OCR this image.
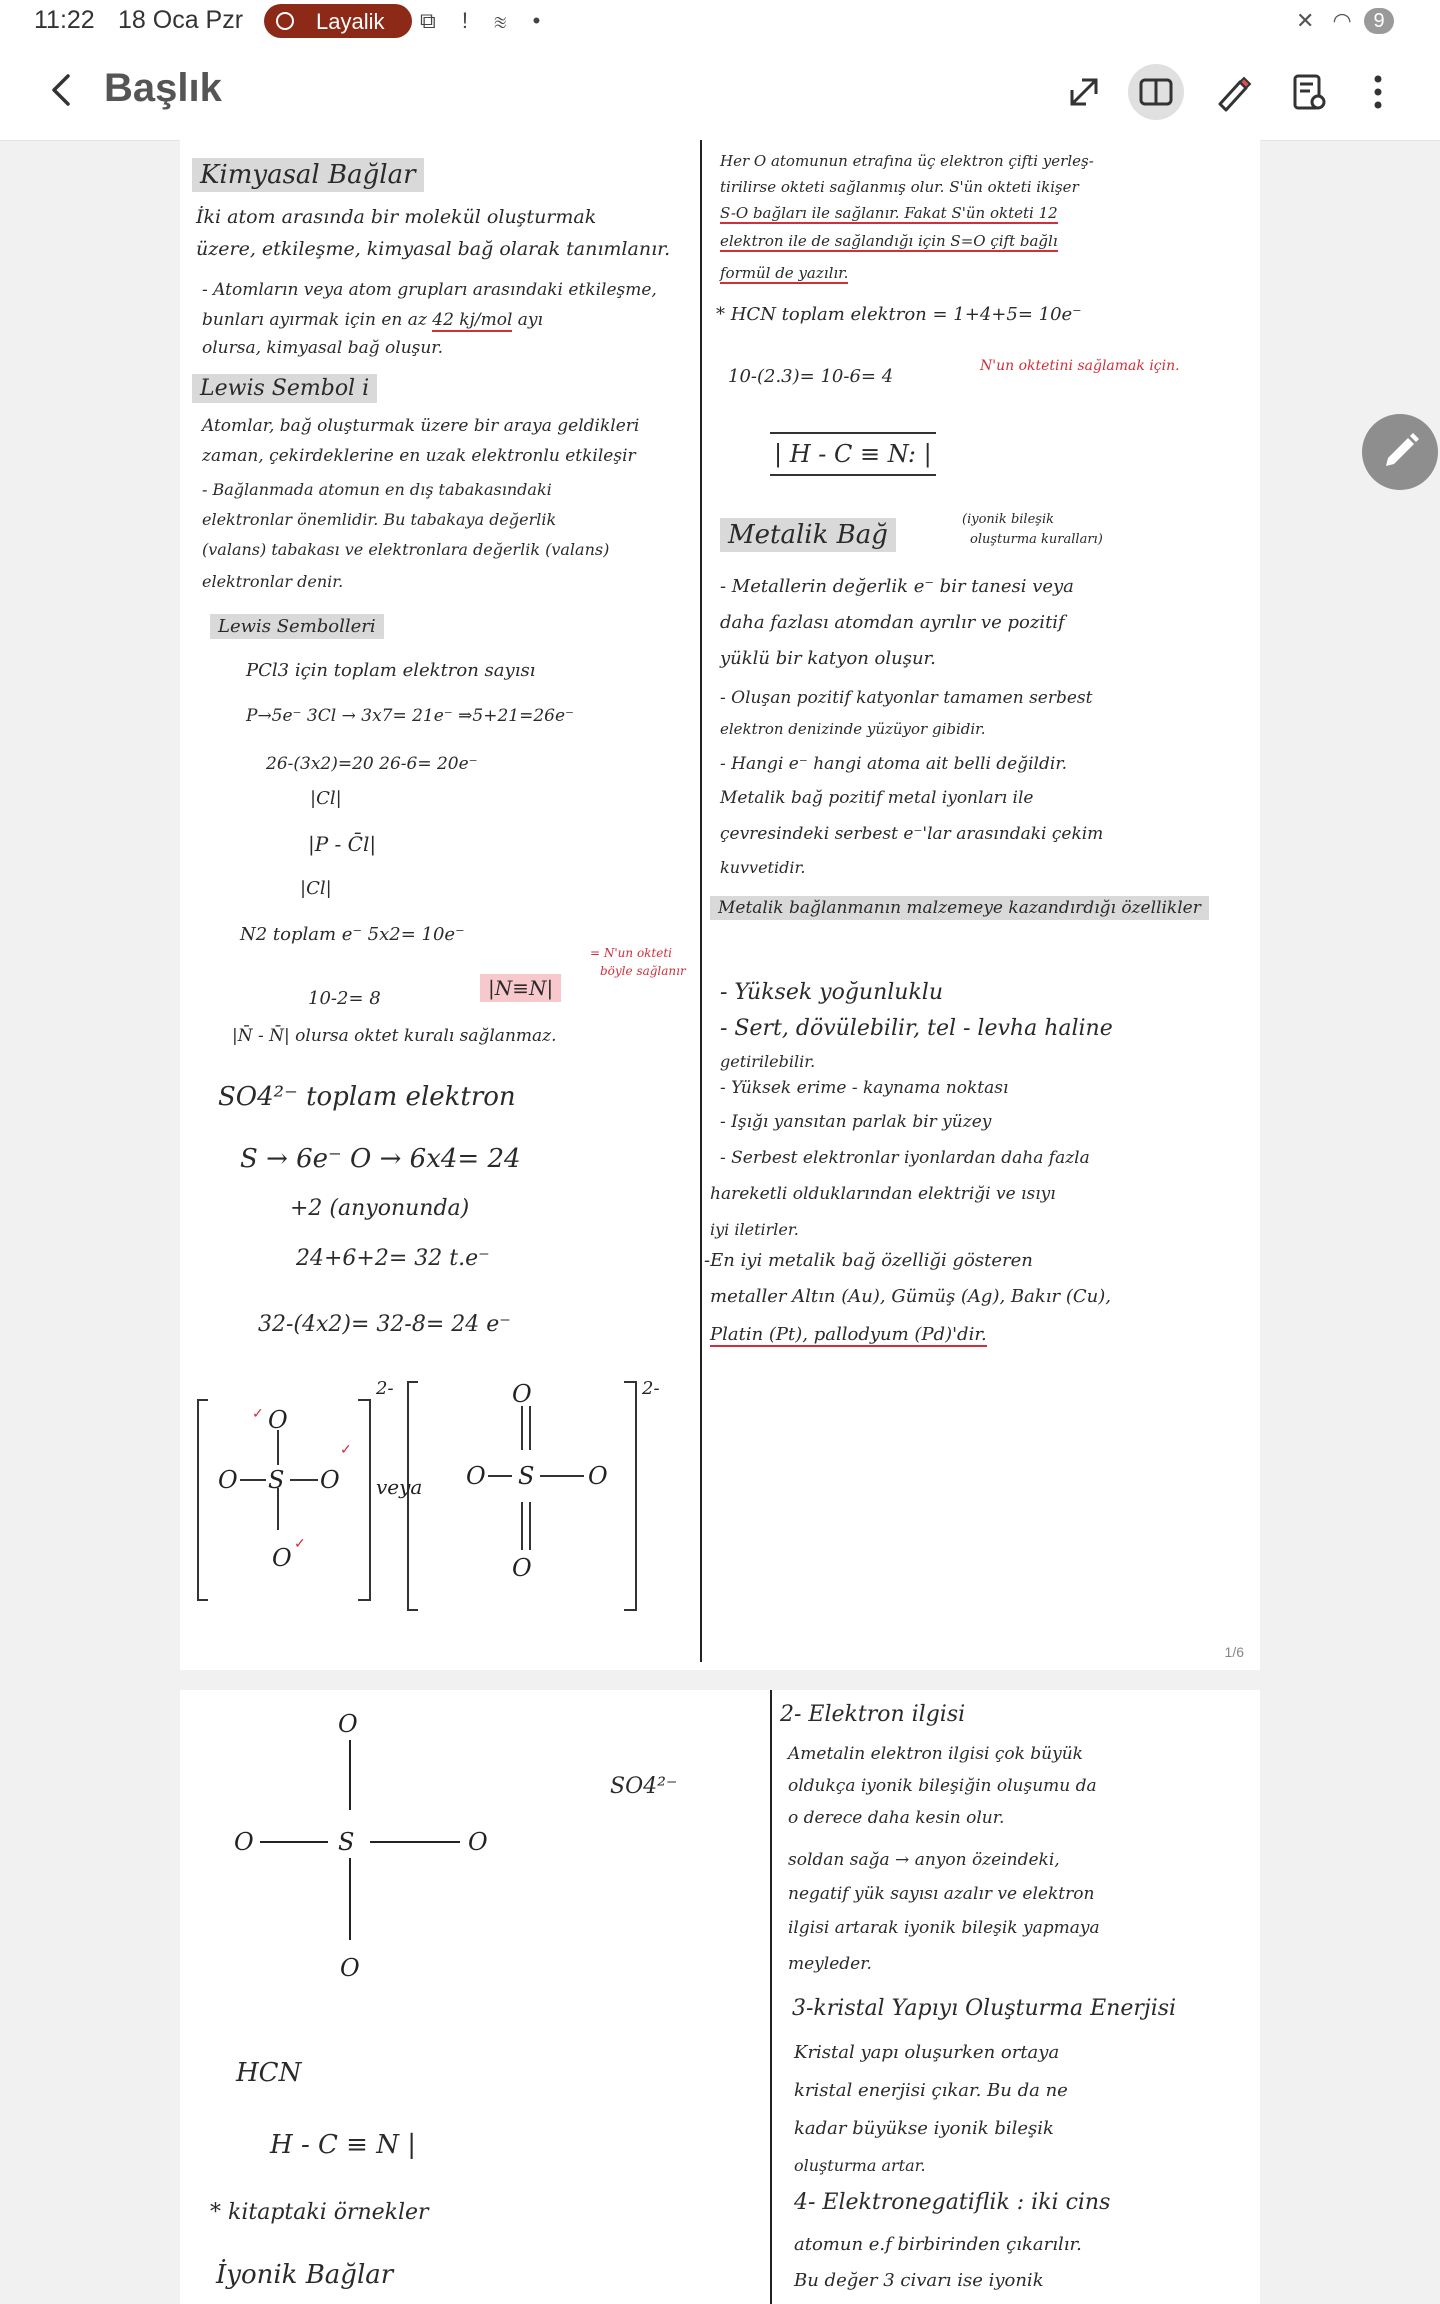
11:22 18 Oca Pzr	Layalik ⧉ ! ≋ •	✕ ◠ 9
Başlık
Kimyasal Bağlar
İki atom arasında bir molekül oluşturmak
üzere, etkileşme, kimyasal bağ olarak tanımlanır.
- Atomların veya atom grupları arasındaki etkileşme,
bunları ayırmak için en az 42 kj/mol ayı
olursa, kimyasal bağ oluşur.
Lewis Sembol i
Atomlar, bağ oluşturmak üzere bir araya geldikleri
zaman, çekirdeklerine en uzak elektronlu etkileşir
- Bağlanmada atomun en dış tabakasındaki
elektronlar önemlidir. Bu tabakaya değerlik
(valans) tabakası ve elektronlara değerlik (valans)
elektronlar denir.
Lewis Sembolleri
PCl3 için toplam elektron sayısı
P→5e⁻ 3Cl → 3x7= 21e⁻ ⇒5+21=26e⁻
26-(3x2)=20 26-6= 20e⁻
|Cl|
|P - C̄l|
|Cl|
N2 toplam e⁻ 5x2= 10e⁻
10-2= 8	|N≡N|
= N'un okteti
böyle sağlanır
|N̄ - N̄| olursa oktet kuralı sağlanmaz.
SO4²⁻ toplam elektron
S → 6e⁻ O → 6x4= 24
+2 (anyonunda)
24+6+2= 32 t.e⁻
32-(4x2)= 32-8= 24 e⁻
O
O S O
O
O
O S O
O
✓
✓
✓
2-	2-
veya
Her O atomunun etrafına üç elektron çifti yerleş-
tirilirse okteti sağlanmış olur. S'ün okteti ikişer
S-O bağları ile sağlanır. Fakat S'ün okteti 12
elektron ile de sağlandığı için S=O çift bağlı
formül de yazılır.
* HCN toplam elektron = 1+4+5= 10e⁻
10-(2.3)= 10-6= 4	N'un oktetini sağlamak için.
| H - C ≡ N: |
Metalik Bağ
(iyonik bileşik
oluşturma kuralları)
- Metallerin değerlik e⁻ bir tanesi veya
daha fazlası atomdan ayrılır ve pozitif
yüklü bir katyon oluşur.
- Oluşan pozitif katyonlar tamamen serbest
elektron denizinde yüzüyor gibidir.
- Hangi e⁻ hangi atoma ait belli değildir.
Metalik bağ pozitif metal iyonları ile
çevresindeki serbest e⁻'lar arasındaki çekim
kuvvetidir.
Metalik bağlanmanın malzemeye kazandırdığı özellikler
- Yüksek yoğunluklu
- Sert, dövülebilir, tel - levha haline
getirilebilir.
- Yüksek erime - kaynama noktası
- Işığı yansıtan parlak bir yüzey
- Serbest elektronlar iyonlardan daha fazla
hareketli olduklarından elektriği ve ısıyı
iyi iletirler.
-En iyi metalik bağ özelliği gösteren
metaller Altın (Au), Gümüş (Ag), Bakır (Cu),
Platin (Pt), pallodyum (Pd)'dir.
1/6
O
O	S	O
O
SO4²⁻
HCN
H - C ≡ N |
* kitaptaki örnekler
İyonik Bağlar
2- Elektron ilgisi
Ametalin elektron ilgisi çok büyük
oldukça iyonik bileşiğin oluşumu da
o derece daha kesin olur.
soldan sağa → anyon özeindeki,
negatif yük sayısı azalır ve elektron
ilgisi artarak iyonik bileşik yapmaya
meyleder.
3-kristal Yapıyı Oluşturma Enerjisi
Kristal yapı oluşurken ortaya
kristal enerjisi çıkar. Bu da ne
kadar büyükse iyonik bileşik
oluşturma artar.
4- Elektronegatiflik : iki cins
atomun e.f birbirinden çıkarılır.
Bu değer 3 civarı ise iyonik
